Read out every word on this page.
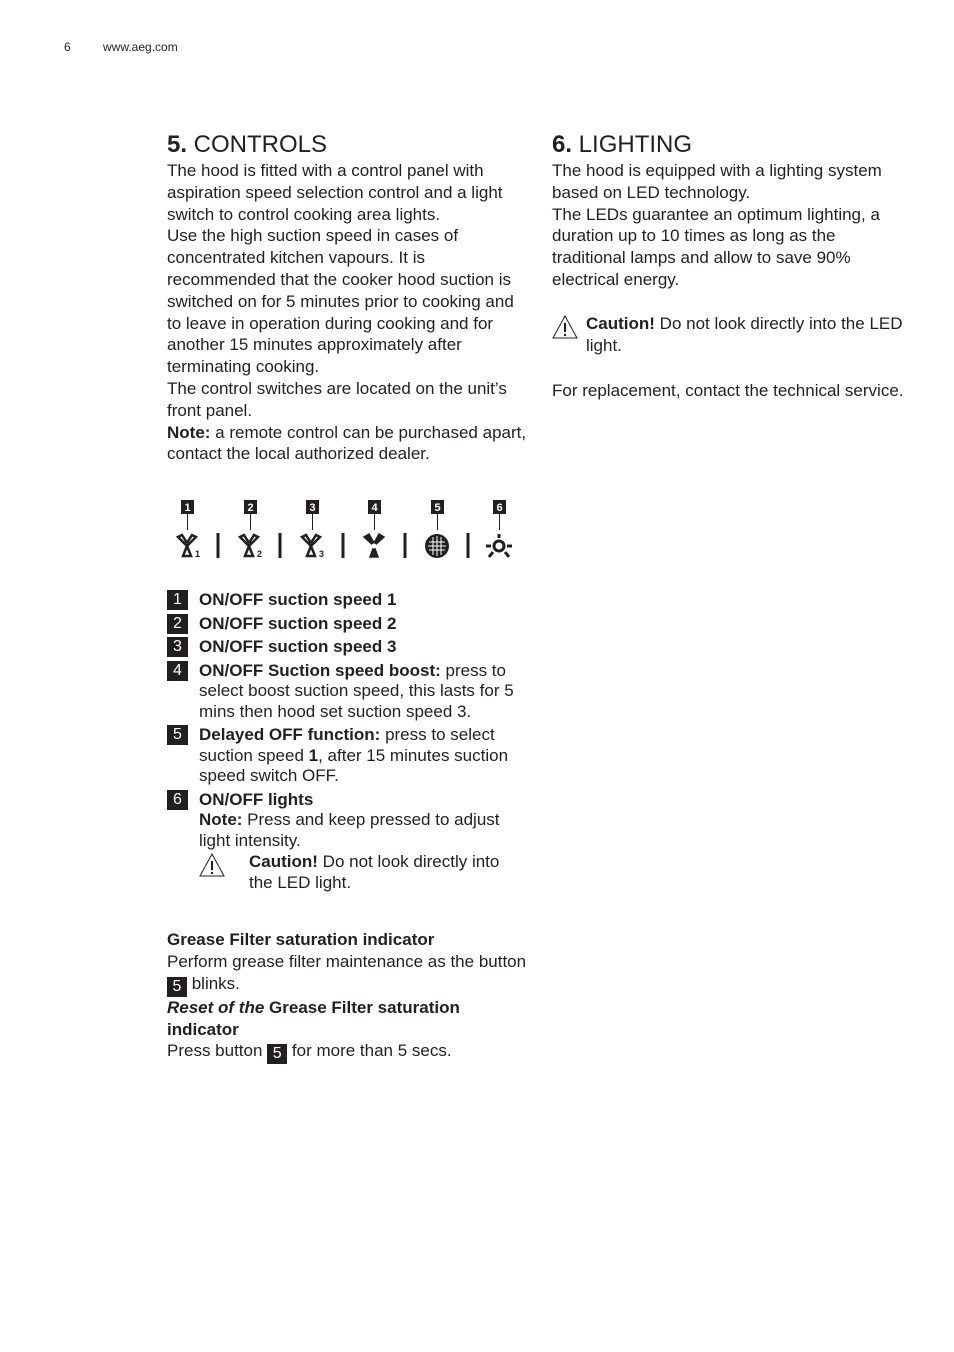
6	www.aeg.com
5. CONTROLS

The hood is fitted with a control panel with aspiration speed selection control and a light switch to control cooking area lights.

Use the high suction speed in cases of concentrated kitchen vapours. It is recommended that the cooker hood suction is switched on for 5 minutes prior to cooking and to leave in operation during cooking and for another 15 minutes approximately after terminating cooking.

The control switches are located on the unit’s front panel.

Note: a remote control can be purchased apart, contact the local authorized dealer.

1	2	3	4	5	6
1	2	3
1	ON/OFF suction speed 1
2	ON/OFF suction speed 2
3	ON/OFF suction speed 3
4	ON/OFF Suction speed boost: press to select boost suction speed, this lasts for 5 mins then hood set suction speed 3.
5	Delayed OFF function: press to select suction speed 1, after 15 minutes suction speed switch OFF.
6	ON/OFF lights
Note: Press and keep pressed to adjust light intensity.
Caution! Do not look directly into the LED light.

Grease Filter saturation indicator

Perform grease filter maintenance as the button 5 blinks.

Reset of the Grease Filter saturation indicator

Press button 5 for more than 5 secs.

6. LIGHTING

The hood is equipped with a lighting system based on LED technology.

The LEDs guarantee an optimum lighting, a duration up to 10 times as long as the traditional lamps and allow to save 90% electrical energy.

Caution! Do not look directly into the LED light.

For replacement, contact the technical service.
